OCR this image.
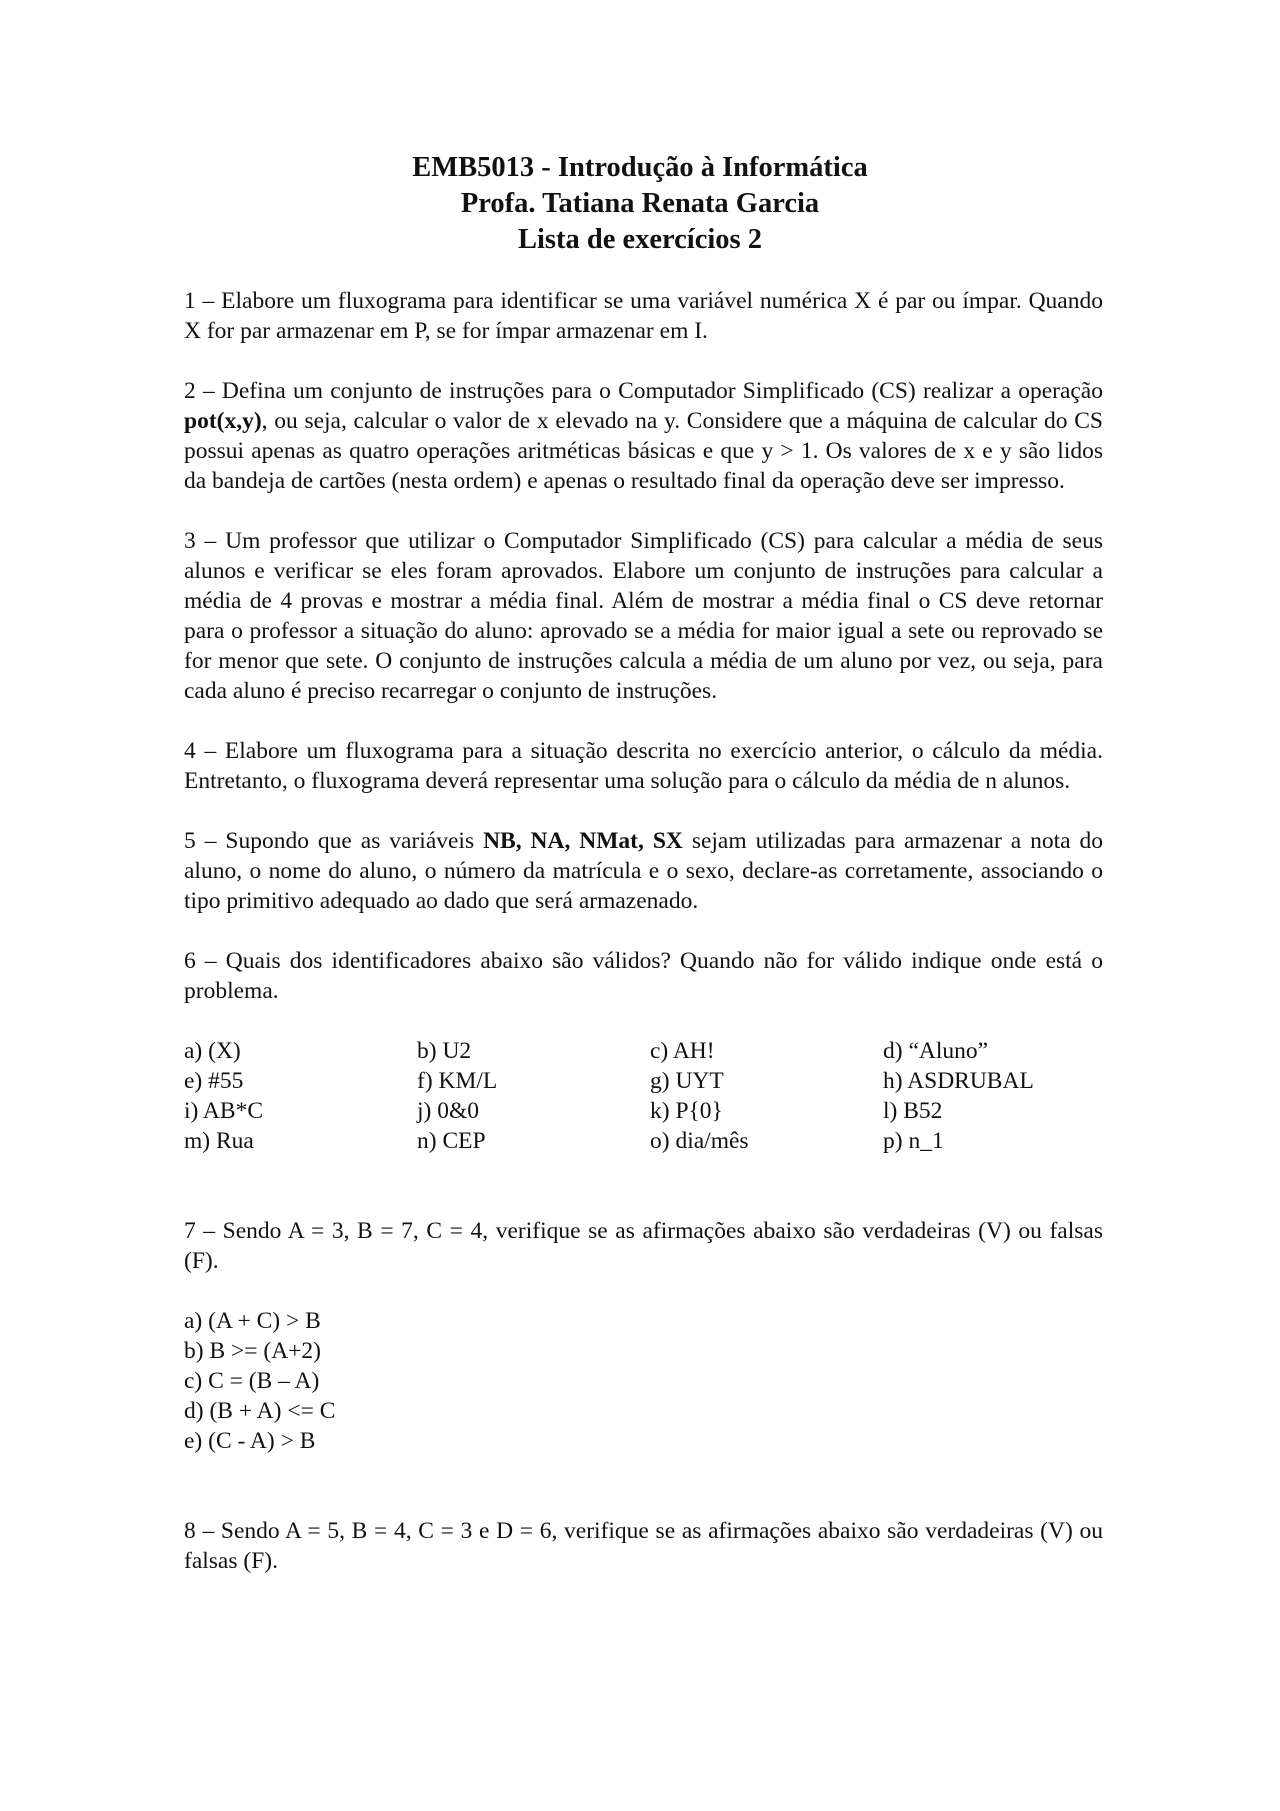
EMB5013 - Introdução à Informática
Profa. Tatiana Renata Garcia
Lista de exercícios 2

1 – Elabore um fluxograma para identificar se uma variável numérica X é par ou ímpar. Quando X for par armazenar em P, se for ímpar armazenar em I.

2 – Defina um conjunto de instruções para o Computador Simplificado (CS) realizar a operação pot(x,y), ou seja, calcular o valor de x elevado na y. Considere que a máquina de calcular do CS possui apenas as quatro operações aritméticas básicas e que y > 1. Os valores de x e y são lidos da bandeja de cartões (nesta ordem) e apenas o resultado final da operação deve ser impresso.

3 – Um professor que utilizar o Computador Simplificado (CS) para calcular a média de seus alunos e verificar se eles foram aprovados. Elabore um conjunto de instruções para calcular a média de 4 provas e mostrar a média final. Além de mostrar a média final o CS deve retornar para o professor a situação do aluno: aprovado se a média for maior igual a sete ou reprovado se for menor que sete. O conjunto de instruções calcula a média de um aluno por vez, ou seja, para cada aluno é preciso recarregar o conjunto de instruções.

4 – Elabore um fluxograma para a situação descrita no exercício anterior, o cálculo da média. Entretanto, o fluxograma deverá representar uma solução para o cálculo da média de n alunos.

5 – Supondo que as variáveis NB, NA, NMat, SX sejam utilizadas para armazenar a nota do aluno, o nome do aluno, o número da matrícula e o sexo, declare-as corretamente, associando o tipo primitivo adequado ao dado que será armazenado.

6 – Quais dos identificadores abaixo são válidos? Quando não for válido indique onde está o problema.

a) (X)	b) U2	c) AH!	d) “Aluno”
e) #55	f) KM/L	g) UYT	h) ASDRUBAL
i) AB*C	j) 0&0	k) P{0}	l) B52
m) Rua	n) CEP	o) dia/mês	p) n_1

7 – Sendo A = 3, B = 7, C = 4, verifique se as afirmações abaixo são verdadeiras (V) ou falsas (F).

a) (A + C) > B
b) B >= (A+2)
c) C = (B – A)
d) (B + A) <= C
e) (C - A) > B

8 – Sendo A = 5, B = 4, C = 3 e D = 6, verifique se as afirmações abaixo são verdadeiras (V) ou falsas (F).
